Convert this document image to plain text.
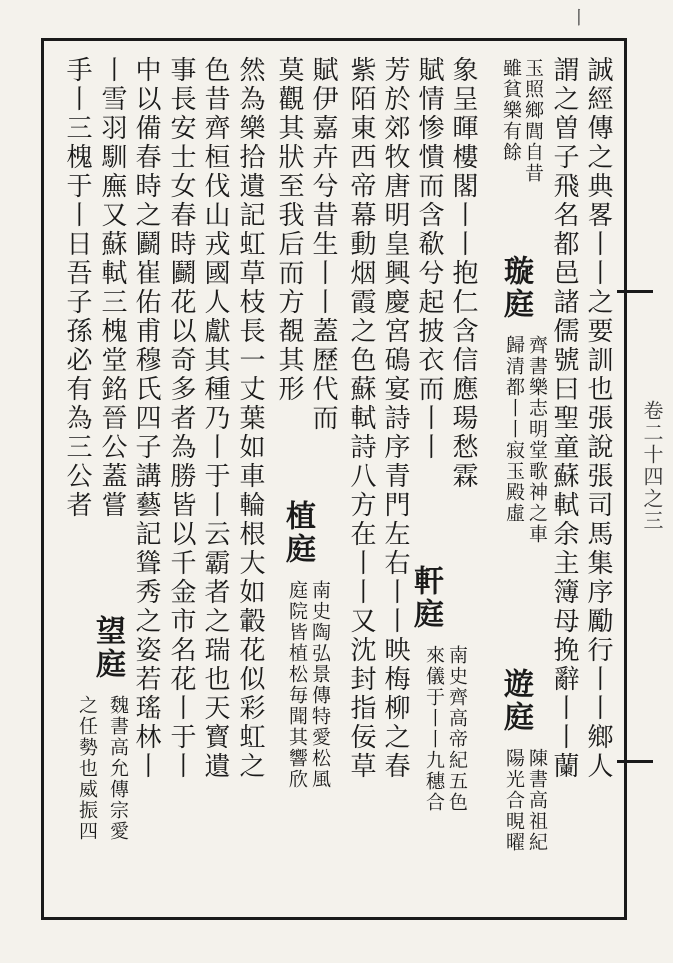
丨
卷二十四之三
誠經傳之典畧丨丨之要訓也張說張司馬集序勵行丨丨鄉人
謂之曽子飛名都邑諸儒號曰聖童蘇軾余主簿母挽辭丨丨蘭
玉照鄉閭自昔
雖貧樂有餘
遊庭
陳書高祖紀
陽光合晛曜
璇庭
齊書樂志明堂歌神之車
歸清都丨丨寂玉殿虛
象呈暉樓閣丨丨抱仁含信應瑒愁霖
賦情惨憒而含欷兮起披衣而丨丨
軒庭
南史齊高帝紀五色
來儀于丨丨九穗合
芳於郊牧唐明皇興慶宮䲽宴詩序青門左右丨丨映梅柳之春
紫陌東西帝幕動烟霞之色蘇軾詩八方在丨丨又沈封指佞草
賦伊嘉卉兮昔生丨丨蓋歷代而
莫觀其狀至我后而方覩其形
植庭
南史陶弘景傳特愛松風
庭院皆植松毎聞其響欣
然為樂拾遺記虹草枝長一丈葉如車輪根大如轂花似彩虹之
色昔齊桓伐山戎國人獻其種乃丨于丨云霸者之瑞也天寳遺
事長安士女春時鬬花以奇多者為勝皆以千金市名花丨于丨
中以備春時之鬬崔佑甫穆氏四子講藝記聳秀之姿若瑤林丨
丨雪羽馴廡又蘇軾三槐堂銘晉公蓋嘗
手丨三槐于丨日吾子孫必有為三公者
望庭
魏書高允傳宗愛
之任勢也威振四
